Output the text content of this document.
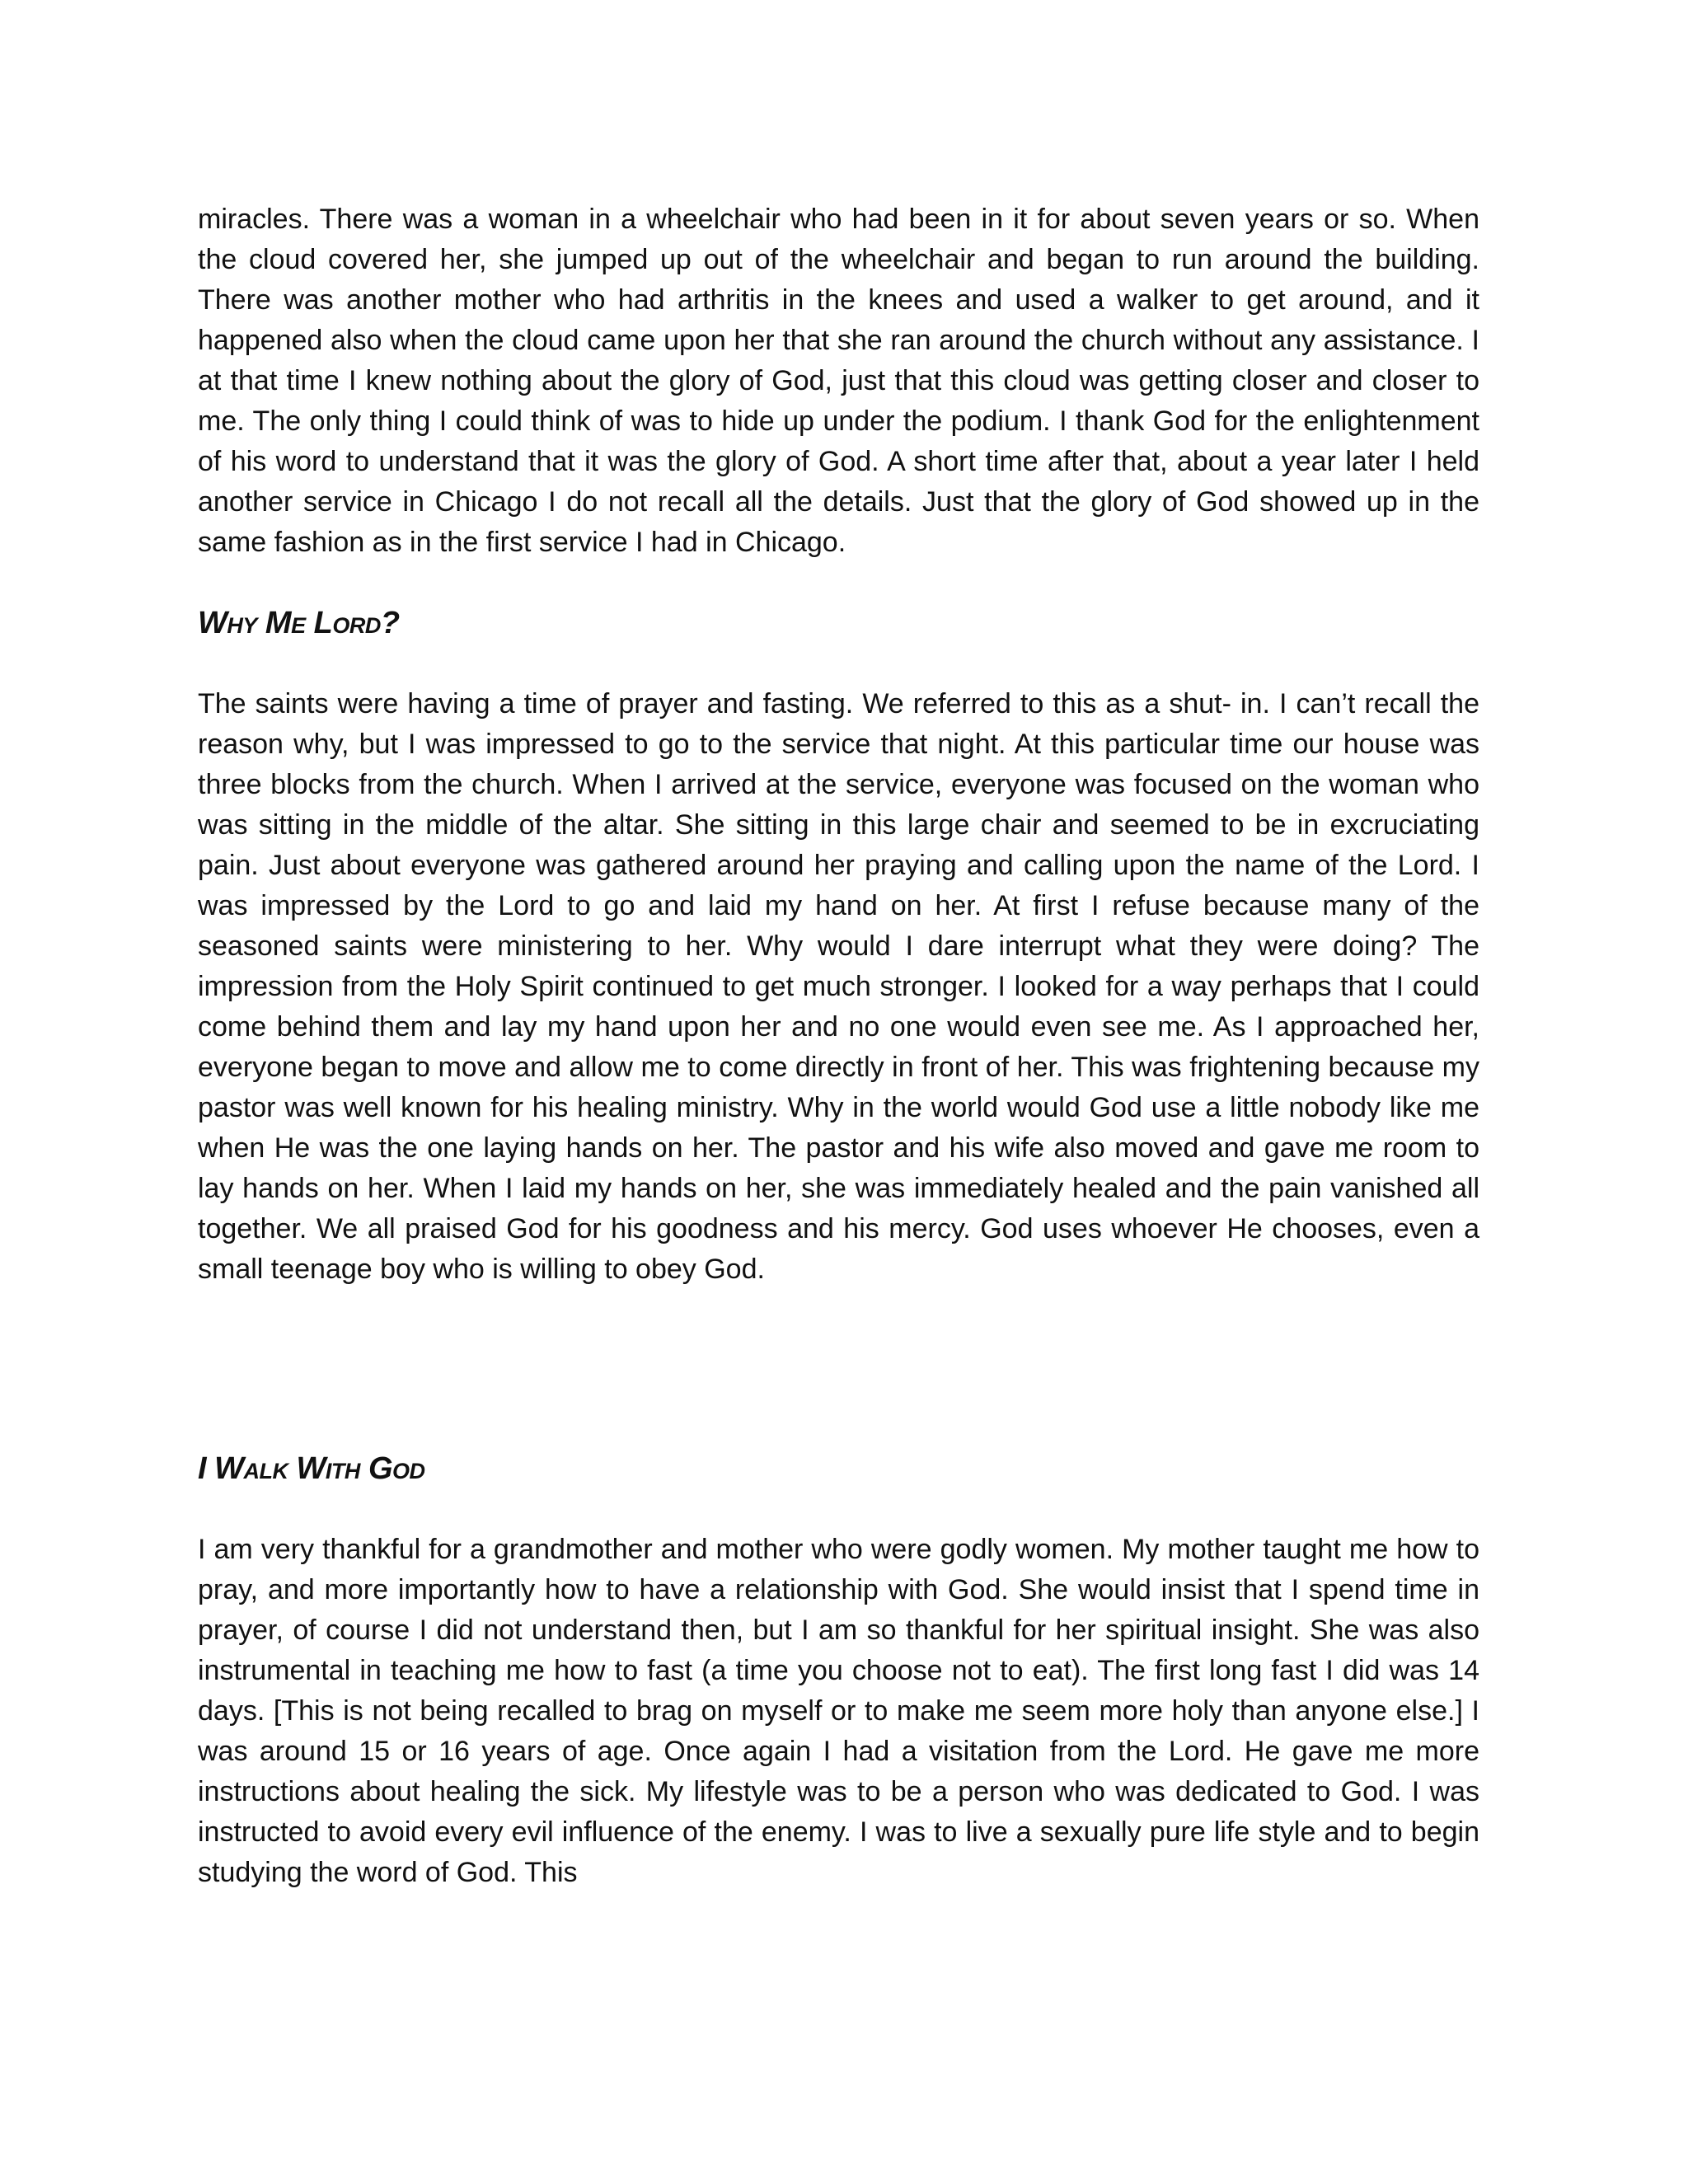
miracles. There was a woman in a wheelchair who had been in it for about seven years or so. When the cloud covered her, she jumped up out of the wheelchair and began to run around the building. There was another mother who had arthritis in the knees and used a walker to get around, and it happened also when the cloud came upon her that she ran around the church without any assistance. I at that time I knew nothing about the glory of God, just that this cloud was getting closer and closer to me. The only thing I could think of was to hide up under the podium. I thank God for the enlightenment of his word to understand that it was the glory of God. A short time after that, about a year later I held another service in Chicago I do not recall all the details. Just that the glory of God showed up in the same fashion as in the first service I had in Chicago.

Why Me Lord?

The saints were having a time of prayer and fasting. We referred to this as a shut- in. I can’t recall the reason why, but I was impressed to go to the service that night. At this particular time our house was three blocks from the church. When I arrived at the service, everyone was focused on the woman who was sitting in the middle of the altar. She sitting in this large chair and seemed to be in excruciating pain. Just about everyone was gathered around her praying and calling upon the name of the Lord. I was impressed by the Lord to go and laid my hand on her. At first I refuse because many of the seasoned saints were ministering to her. Why would I dare interrupt what they were doing? The impression from the Holy Spirit continued to get much stronger. I looked for a way perhaps that I could come behind them and lay my hand upon her and no one would even see me. As I approached her, everyone began to move and allow me to come directly in front of her. This was frightening because my pastor was well known for his healing ministry. Why in the world would God use a little nobody like me when He was the one laying hands on her. The pastor and his wife also moved and gave me room to lay hands on her. When I laid my hands on her, she was immediately healed and the pain vanished all together. We all praised God for his goodness and his mercy. God uses whoever He chooses, even a small teenage boy who is willing to obey God.

I Walk With God

I am very thankful for a grandmother and mother who were godly women. My mother taught me how to pray, and more importantly how to have a relationship with God. She would insist that I spend time in prayer, of course I did not understand then, but I am so thankful for her spiritual insight. She was also instrumental in teaching me how to fast (a time you choose not to eat). The first long fast I did was 14 days. [This is not being recalled to brag on myself or to make me seem more holy than anyone else.] I was around 15 or 16 years of age. Once again I had a visitation from the Lord. He gave me more instructions about healing the sick. My lifestyle was to be a person who was dedicated to God. I was instructed to avoid every evil influence of the enemy. I was to live a sexually pure life style and to begin studying the word of God. This
